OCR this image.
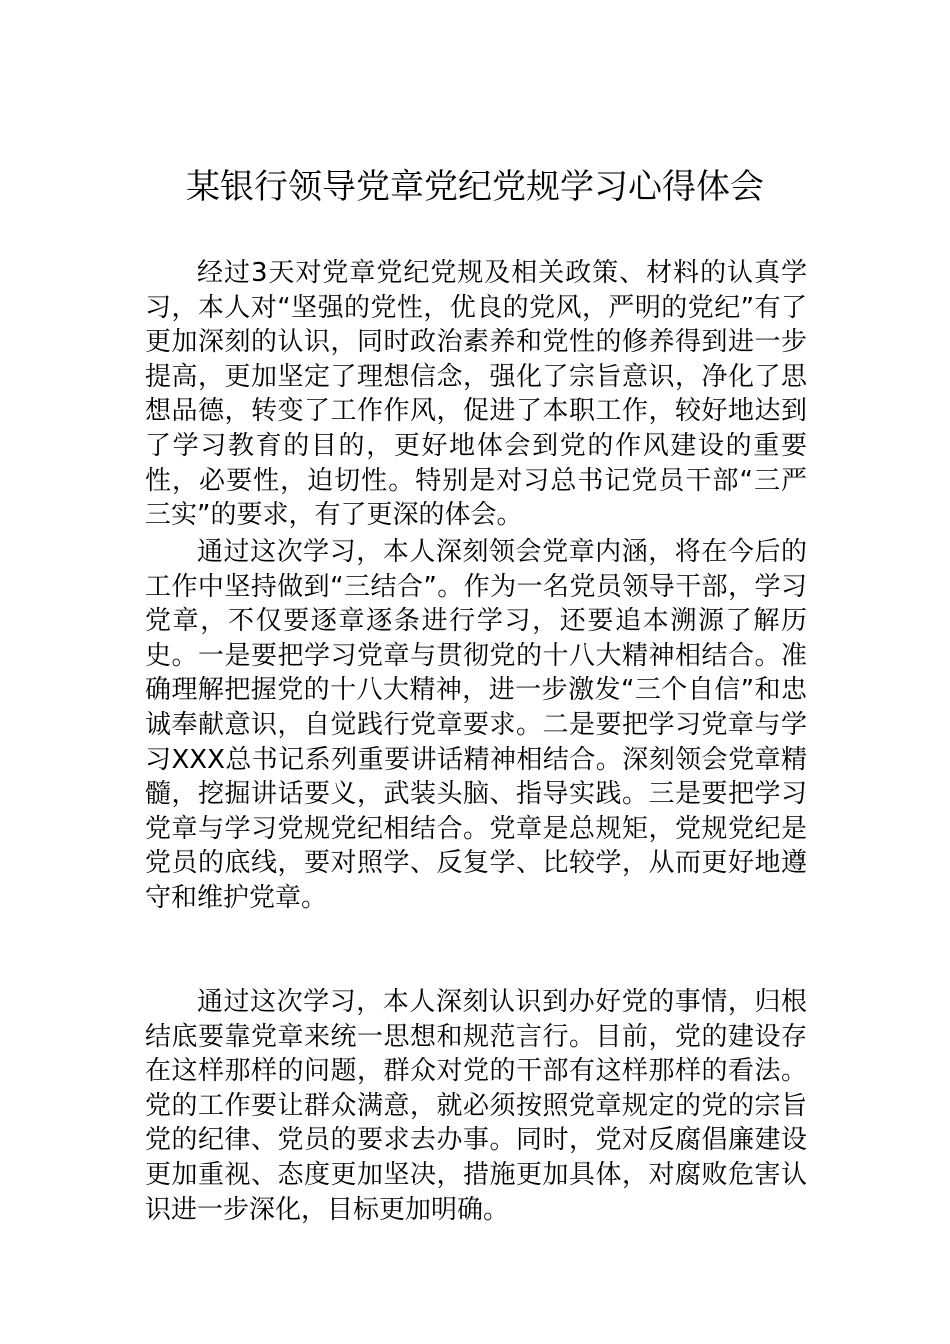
某银行领导党章党纪党规学习心得体会

经过3天对党章党纪党规及相关政策、材料的认真学习，本人对“坚强的党性，优良的党风，严明的党纪”有了更加深刻的认识，同时政治素养和党性的修养得到进一步提高，更加坚定了理想信念，强化了宗旨意识，净化了思想品德，转变了工作作风，促进了本职工作，较好地达到了学习教育的目的，更好地体会到党的作风建设的重要性，必要性，迫切性。特别是对习总书记党员干部“三严三实”的要求，有了更深的体会。

通过这次学习，本人深刻领会党章内涵，将在今后的工作中坚持做到“三结合”。作为一名党员领导干部，学习党章，不仅要逐章逐条进行学习，还要追本溯源了解历史。一是要把学习党章与贯彻党的十八大精神相结合。准确理解把握党的十八大精神，进一步激发“三个自信”和忠诚奉献意识，自觉践行党章要求。二是要把学习党章与学习XXX总书记系列重要讲话精神相结合。深刻领会党章精髓，挖掘讲话要义，武装头脑、指导实践。三是要把学习党章与学习党规党纪相结合。党章是总规矩，党规党纪是党员的底线，要对照学、反复学、比较学，从而更好地遵守和维护党章。

通过这次学习，本人深刻认识到办好党的事情，归根结底要靠党章来统一思想和规范言行。目前，党的建设存在这样那样的问题，群众对党的干部有这样那样的看法。党的工作要让群众满意，就必须按照党章规定的党的宗旨党的纪律、党员的要求去办事。同时，党对反腐倡廉建设更加重视、态度更加坚决，措施更加具体，对腐败危害认识进一步深化，目标更加明确。
